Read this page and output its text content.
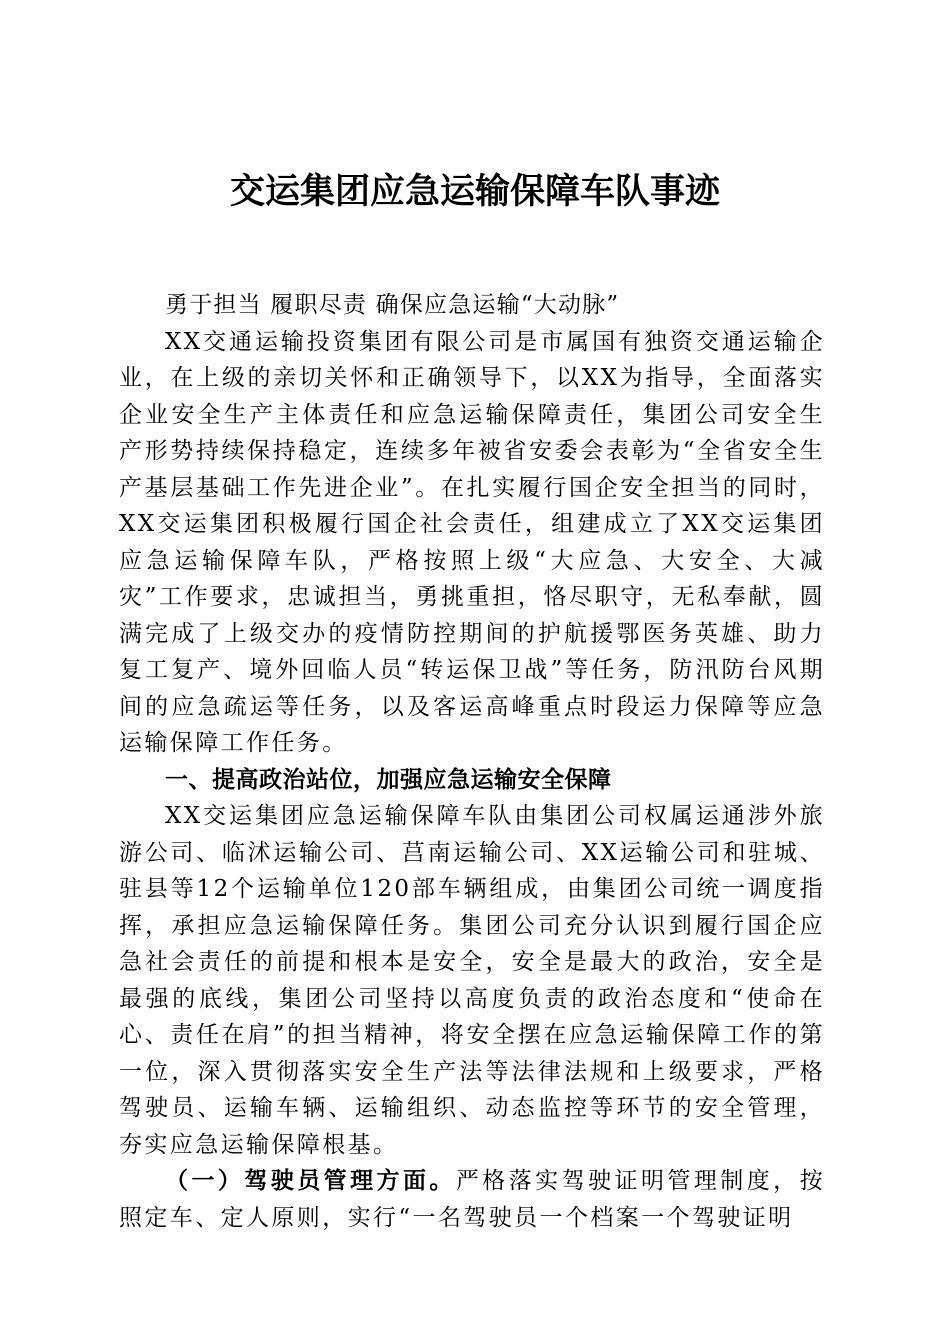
交运集团应急运输保障车队事迹

勇于担当 履职尽责 确保应急运输“大动脉”

XX交通运输投资集团有限公司是市属国有独资交通运输企业，在上级的亲切关怀和正确领导下，以XX为指导，全面落实企业安全生产主体责任和应急运输保障责任，集团公司安全生产形势持续保持稳定，连续多年被省安委会表彰为“全省安全生产基层基础工作先进企业”。在扎实履行国企安全担当的同时，XX交运集团积极履行国企社会责任，组建成立了XX交运集团应急运输保障车队，严格按照上级“大应急、大安全、大减灾”工作要求，忠诚担当，勇挑重担，恪尽职守，无私奉献，圆满完成了上级交办的疫情防控期间的护航援鄂医务英雄、助力复工复产、境外回临人员“转运保卫战”等任务，防汛防台风期间的应急疏运等任务，以及客运高峰重点时段运力保障等应急运输保障工作任务。

一、提高政治站位，加强应急运输安全保障

XX交运集团应急运输保障车队由集团公司权属运通涉外旅游公司、临沭运输公司、莒南运输公司、XX运输公司和驻城、驻县等12个运输单位120部车辆组成，由集团公司统一调度指挥，承担应急运输保障任务。集团公司充分认识到履行国企应急社会责任的前提和根本是安全，安全是最大的政治，安全是最强的底线，集团公司坚持以高度负责的政治态度和“使命在心、责任在肩”的担当精神，将安全摆在应急运输保障工作的第一位，深入贯彻落实安全生产法等法律法规和上级要求，严格驾驶员、运输车辆、运输组织、动态监控等环节的安全管理，夯实应急运输保障根基。

（一）驾驶员管理方面。严格落实驾驶证明管理制度，按照定车、定人原则，实行“一名驾驶员一个档案一个驾驶证明
